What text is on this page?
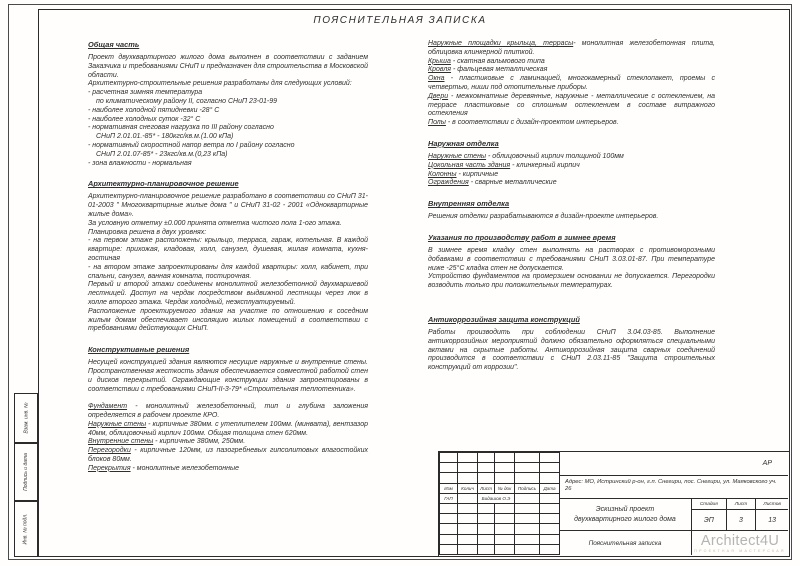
ПОЯСНИТЕЛЬНАЯ ЗАПИСКА
Взам. инв. №
Подпись и дата
Инв. № подл.

Общая часть

Проект двухквартирного жилого дома выполнен в соответствии с заданием Заказчика и требованиями СНиП и предназначен для строительства в Московской области.

Архитектурно-строительные решения разработаны для следующих условий:

- расчетная зимняя температура

по климатическому району II, согласно СНиП 23-01-99

- наиболее холодной пятидневки -28° С

- наиболее холодных суток -32° С

- нормативная снеговая нагрузка по III району согласно

СНиП 2.01.01.-85* - 180кгс/кв.м.(1.00 кПа)

- нормативный скоростной напор ветра по I району согласно

СНиП 2.01.07-85* - 23кгс/кв.м.(0,23 кПа)

- зона влажности - нормальная

Архитектурно-планировочное решение

Архитектурно-планировочное решение разработано в соответствии со СНиП 31-01-2003 " Многоквартирные жилые дома " и СНиП 31-02 - 2001 «Одноквартирные жилые дома».

За условную отметку ±0.000 принята отметка чистого пола 1-ого этажа.

Планировка решена в двух уровнях:

- на первом этаже расположены: крыльцо, терраса, гараж, котельная. В каждой квартире: прихожая, кладовая, холл, санузел, душевая, жилая комната, кухня-гостиная

- на втором этаже запроектированы для каждой квартиры: холл, кабинет, три спальни, санузел, ванная комната, постирочная.

Первый и второй этажи соединены монолитной железобетонной двухмаршевой лестницей. Доступ на чердак посредством выдвижной лестницы через люк в холле второго этажа. Чердак холодный, неэксплуатируемый.

Расположение проектируемого здания на участке по отношению к соседним жилым домам обеспечивает инсоляцию жилых помещений в соответствии с требованиями действующих СНиП.

Конструктивные решения

Несущей конструкцией здания являются несущие наружные и внутренние стены. Пространственная жесткость здания обеспечивается совместной работой стен и дисков перекрытий. Ограждающие конструкции здания запроектированы в соответствии с требованиями СНиП-II-3-79* «Строительная теплотехника».

Фундамент - монолитный железобетонный, тип и глубина заложения определяется в рабочем проекте КРО.

Наружные стены - кирпичные 380мм. с утеплителем 100мм. (минвата), вентзазор 40мм, облицовочный кирпич 100мм. Общая толщина стен 620мм.

Внутренние стены - кирпичные 380мм, 250мм.

Перегородки - кирпичные 120мм, из пазогребневых гипсолитовых влагостойких блоков 80мм.

Перекрытия - монолитные железобетонные

Наружные площадки крыльца, террасы- монолитная железобетонная плита, облицовка клинкерной плиткой.

Крыша - скатная вальмового типа

Кровля - фальцевая металлическая

Окна - пластиковые с ламинацией, многокамерный стеклопакет, проемы с четвертью, ниши под отопительные приборы.

Двери - межкомнатные деревянные, наружные - металлические с остеклением, на террасе пластиковые со сплошным остеклением в составе витражного остекления

Полы - в соответствии с дизайн-проектом интерьеров.

Наружная отделка

Наружные стены - облицовочный кирпич толщиной 100мм

Цокольная часть здания - клинкерный кирпич

Колонны - кирпичные

Ограждения - сварные металлические

Внутренняя отделка

Решения отделки разрабатываются в дизайн-проекте интерьеров.

Указания по производству работ в зимнее время

В зимнее время кладку стен выполнять на растворах с противоморозными добавками в соответствии с требованиями СНиП 3.03.01-87. При температуре ниже -25°С кладка стен не допускается.

Устройство фундаментов на промерзшем основании не допускается. Перегородки возводить только при положительных температурах.

Антикоррозийная защита конструкций

Работы производить при соблюдении СНиП 3.04.03-85. Выполнение антикоррозийных мероприятий должно обязательно оформляться специальными актами на скрытые работы. Антикоррозийная защита сварных соединений производится в соответствии с СНиП 2.03.11-85 "Защита строительных конструкций от коррозии".

Изм	Колич	Лист	№ док	Подпись	Дата
ГАП		Бидашов О.Э			

АР
Адрес: МО, Истринский р-он, г.п. Снегири, пос. Снегири, ул. Маяковского уч. 26
Эскизный проект
двухквартирного жилого дома
Стадия	Лист	Листов
ЭП	3	13
Пояснительная записка	Architect4U
ПРОЕКТНАЯ МАСТЕРСКАЯ
